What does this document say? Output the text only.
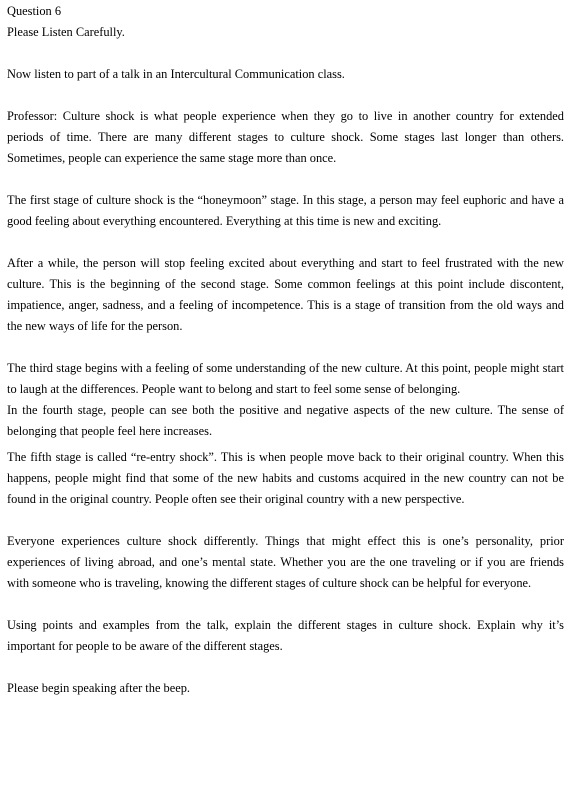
Question 6
Please Listen Carefully.
Now listen to part of a talk in an Intercultural Communication class.
Professor: Culture shock is what people experience when they go to live in another country for extended periods of time. There are many different stages to culture shock. Some stages last longer than others. Sometimes, people can experience the same stage more than once.
The first stage of culture shock is the “honeymoon” stage. In this stage, a person may feel euphoric and have a good feeling about everything encountered. Everything at this time is new and exciting.
After a while, the person will stop feeling excited about everything and start to feel frustrated with the new culture. This is the beginning of the second stage. Some common feelings at this point include discontent, impatience, anger, sadness, and a feeling of incompetence. This is a stage of transition from the old ways and the new ways of life for the person.
The third stage begins with a feeling of some understanding of the new culture. At this point, people might start to laugh at the differences. People want to belong and start to feel some sense of belonging.
In the fourth stage, people can see both the positive and negative aspects of the new culture. The sense of belonging that people feel here increases.
The fifth stage is called “re-entry shock”. This is when people move back to their original country. When this happens, people might find that some of the new habits and customs acquired in the new country can not be found in the original country. People often see their original country with a new perspective.
Everyone experiences culture shock differently. Things that might effect this is one’s personality, prior experiences of living abroad, and one’s mental state. Whether you are the one traveling or if you are friends with someone who is traveling, knowing the different stages of culture shock can be helpful for everyone.
Using points and examples from the talk, explain the different stages in culture shock. Explain why it’s important for people to be aware of the different stages.
Please begin speaking after the beep.
